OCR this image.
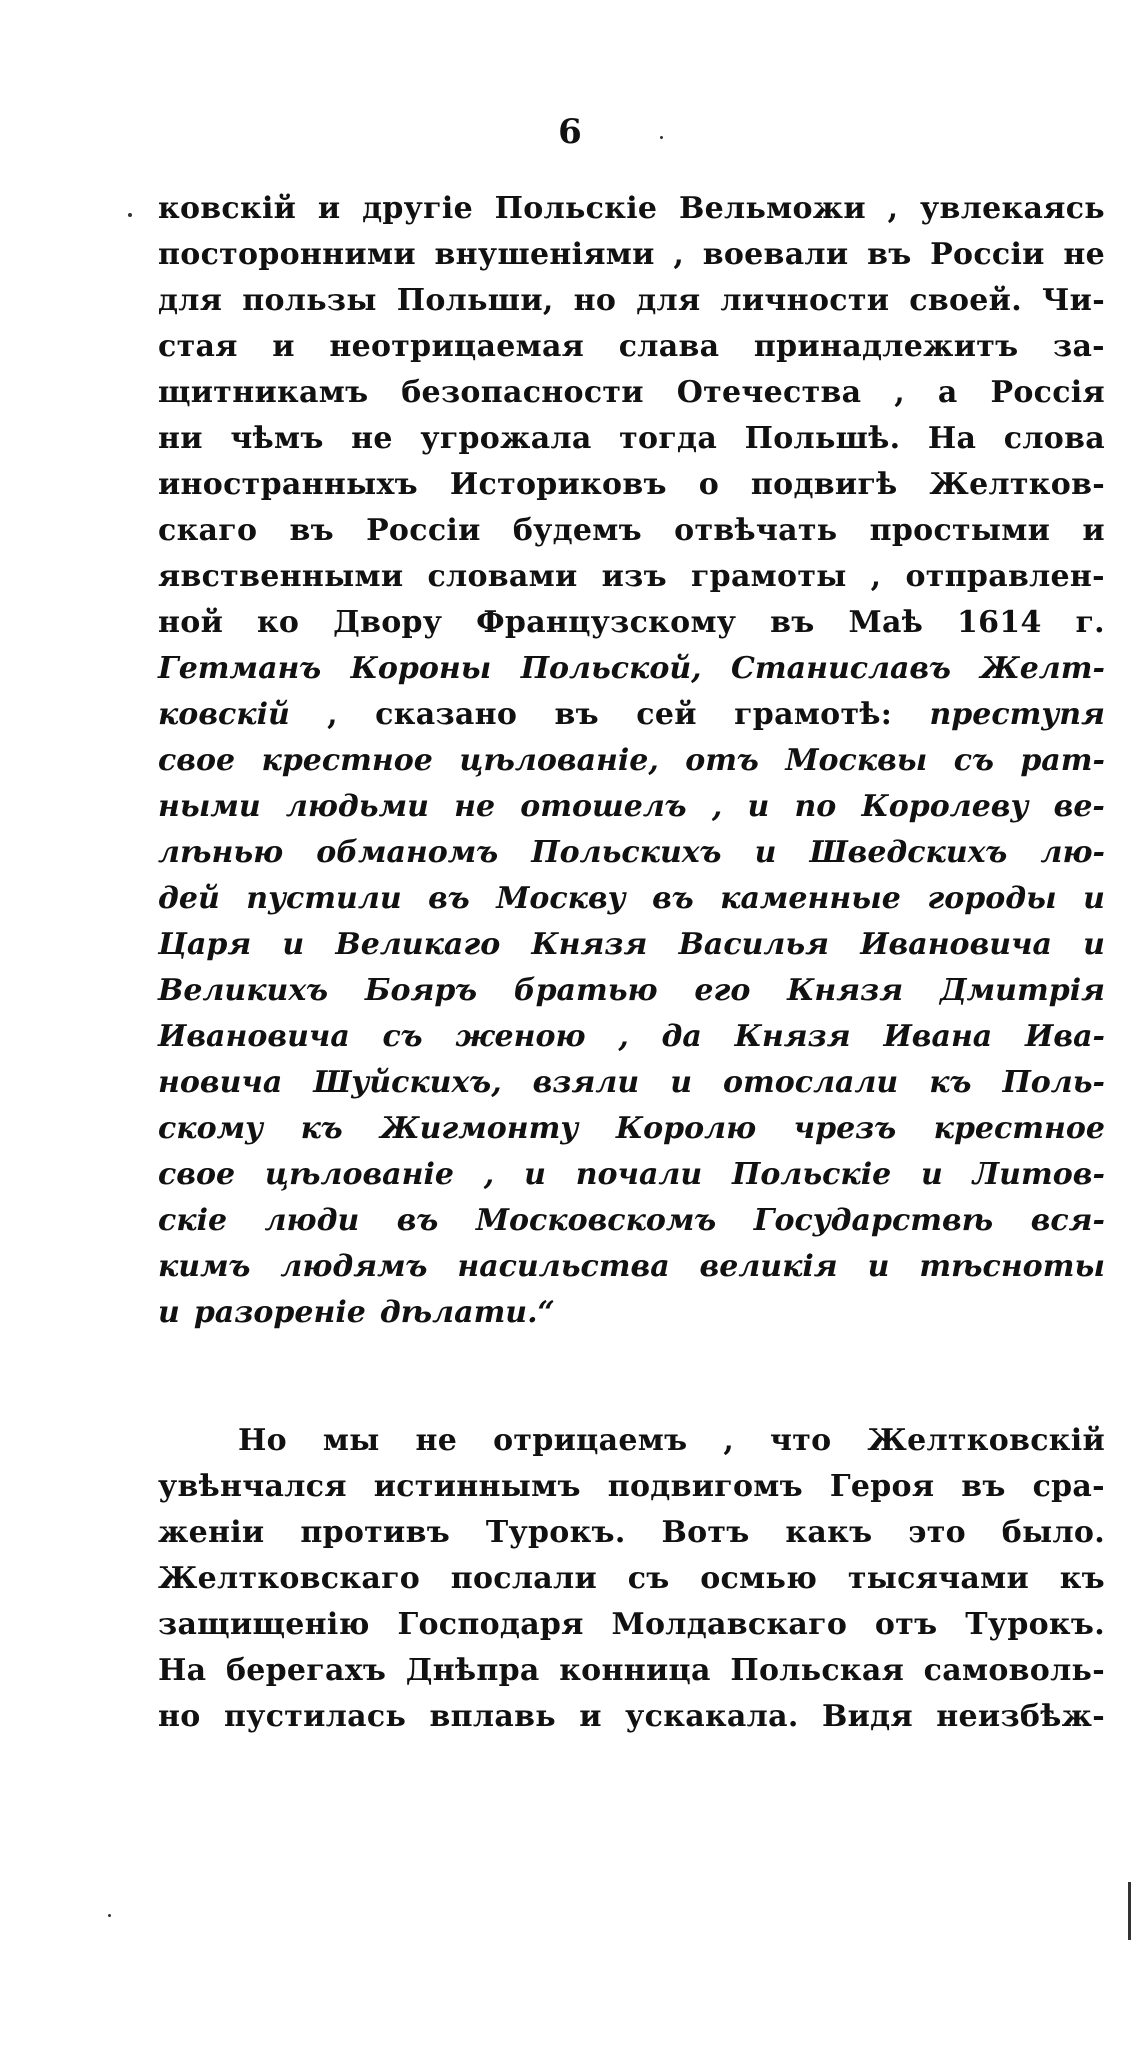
6
ковскій и другіе Польскіе Вельможи , увлекаясь
посторонними внушеніями , воевали въ Россіи не
для пользы Польши, но для личности своей. Чи-
стая и неотрицаемая слава принадлежитъ за-
щитникамъ безопасности Отечества , а Россія
ни чѣмъ не угрожала тогда Польшѣ. На слова
иностранныхъ Историковъ о подвигѣ Желтков-
скаго въ Россіи будемъ отвѣчать простыми и
явственными словами изъ грамоты , отправлен-
ной ко Двору Французскому въ Маѣ 1614 г.
Гетманъ Короны Польской, Станиславъ Желт-
ковскій , сказано въ сей грамотѣ: преступя
свое крестное цѣлованіе, отъ Москвы съ рат-
ными людьми не отошелъ , и по Королеву ве-
лѣнью обманомъ Польскихъ и Шведскихъ лю-
дей пустили въ Москву въ каменные городы и
Царя и Великаго Князя Василья Ивановича и
Великихъ Бояръ братью его Князя Дмитрія
Ивановича съ женою , да Князя Ивана Ива-
новича Шуйскихъ, взяли и отослали къ Поль-
скому къ Жигмонту Королю чрезъ крестное
свое цѣлованіе , и почали Польскіе и Литов-
скіе люди въ Московскомъ Государствѣ вся-
кимъ людямъ насильства великія и тѣсноты
и разореніе дѣлати.“
Но мы не отрицаемъ , что Желтковскій
увѣнчался истиннымъ подвигомъ Героя въ сра-
женіи противъ Турокъ. Вотъ какъ это было.
Желтковскаго послали съ осмью тысячами къ
защищенію Господаря Молдавскаго отъ Турокъ.
На берегахъ Днѣпра конница Польская самоволь-
но пустилась вплавь и ускакала. Видя неизбѣж-
